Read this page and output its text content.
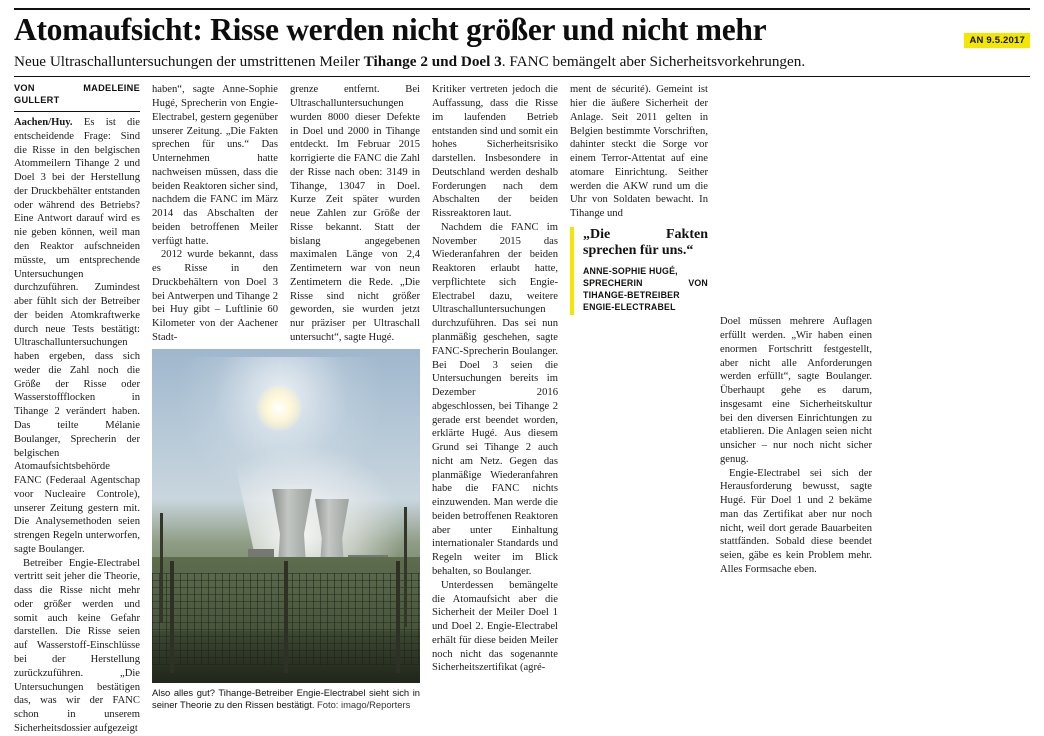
Atomaufsicht: Risse werden nicht größer und nicht mehr
Neue Ultraschalluntersuchungen der umstrittenen Meiler Tihange 2 und Doel 3. FANC bemängelt aber Sicherheitsvorkehrungen.
AN 9.5.2017
VON MADELEINE GULLERT

Aachen/Huy. Es ist die entscheidende Frage: Sind die Risse in den belgischen Atommeilern Tihange 2 und Doel 3 bei der Herstellung der Druckbehälter entstanden oder während des Betriebs? Eine Antwort darauf wird es nie geben können, weil man den Reaktor aufschneiden müsste, um entsprechende Untersuchungen durchzuführen. Zumindest aber fühlt sich der Betreiber der beiden Atomkraftwerke durch neue Tests bestätigt: Ultraschalluntersuchungen haben ergeben, dass sich weder die Zahl noch die Größe der Risse oder Wasserstoffflocken in Tihange 2 verändert haben. Das teilte Mélanie Boulanger, Sprecherin der belgischen Atomaufsichtsbehörde FANC (Federaal Agentschap voor Nucleaire Controle), unserer Zeitung gestern mit. Die Analysemethoden seien strengen Regeln unterworfen, sagte Boulanger.

Betreiber Engie-Electrabel vertritt seit jeher die Theorie, dass die Risse nicht mehr oder größer werden und somit auch keine Gefahr darstellen. Die Risse seien auf Wasserstoff-Einschlüsse bei der Herstellung zurückzuführen. „Die Untersuchungen bestätigen das, was wir der FANC schon in unserem Sicherheitsdossier aufgezeigt

haben“, sagte Anne-Sophie Hugé, Sprecherin von Engie-Electrabel, gestern gegenüber unserer Zeitung. „Die Fakten sprechen für uns.“ Das Unternehmen hatte nachweisen müssen, dass die beiden Reaktoren sicher sind, nachdem die FANC im März 2014 das Abschalten der beiden betroffenen Meiler verfügt hatte.

2012 wurde bekannt, dass es Risse in den Druckbehältern von Doel 3 bei Antwerpen und Tihange 2 bei Huy gibt – Luftlinie 60 Kilometer von der Aachener Stadt-

grenze entfernt. Bei Ultraschalluntersuchungen wurden 8000 dieser Defekte in Doel und 2000 in Tihange entdeckt. Im Februar 2015 korrigierte die FANC die Zahl der Risse nach oben: 3149 in Tihange, 13047 in Doel. Kurze Zeit später wurden neue Zahlen zur Größe der Risse bekannt. Statt der bislang angegebenen maximalen Länge von 2,4 Zentimetern war von neun Zentimetern die Rede. „Die Risse sind nicht größer geworden, sie wurden jetzt nur präziser per Ultraschall untersucht“, sagte Hugé.

Also alles gut? Tihange-Betreiber Engie-Electrabel sieht sich in seiner Theorie zu den Rissen bestätigt. Foto: imago/Reporters

Kritiker vertreten jedoch die Auffassung, dass die Risse im laufenden Betrieb entstanden sind und somit ein hohes Sicherheitsrisiko darstellen. Insbesondere in Deutschland werden deshalb Forderungen nach dem Abschalten der beiden Rissreaktoren laut.

Nachdem die FANC im November 2015 das Wiederanfahren der beiden Reaktoren erlaubt hatte, verpflichtete sich Engie-Electrabel dazu, weitere Ultraschalluntersuchungen durchzuführen. Das sei nun planmäßig geschehen, sagte FANC-Sprecherin Boulanger. Bei Doel 3 seien die Untersuchungen bereits im Dezember 2016 abgeschlossen, bei Tihange 2 gerade erst beendet worden, erklärte Hugé. Aus diesem Grund sei Tihange 2 auch nicht am Netz. Gegen das planmäßige Wiederanfahren habe die FANC nichts einzuwenden. Man werde die beiden betroffenen Reaktoren aber unter Einhaltung internationaler Standards und Regeln weiter im Blick behalten, so Boulanger.

Unterdessen bemängelte die Atomaufsicht aber die Sicherheit der Meiler Doel 1 und Doel 2. Engie-Electrabel erhält für diese beiden Meiler noch nicht das sogenannte Sicherheitszertifikat (agré-

ment de sécurité). Gemeint ist hier die äußere Sicherheit der Anlage. Seit 2011 gelten in Belgien bestimmte Vorschriften, dahinter steckt die Sorge vor einem Terror-Attentat auf eine atomare Einrichtung. Seither werden die AKW rund um die Uhr von Soldaten bewacht. In Tihange und

„Die Fakten sprechen für uns.“
ANNE-SOPHIE HUGÉ,
SPRECHERIN VON TIHANGE-BETREIBER
ENGIE-ELECTRABEL

Doel müssen mehrere Auflagen erfüllt werden. „Wir haben einen enormen Fortschritt festgestellt, aber nicht alle Anforderungen werden erfüllt“, sagte Boulanger. Überhaupt gehe es darum, insgesamt eine Sicherheitskultur bei den diversen Einrichtungen zu etablieren. Die Anlagen seien nicht unsicher – nur noch nicht sicher genug.

Engie-Electrabel sei sich der Herausforderung bewusst, sagte Hugé. Für Doel 1 und 2 bekäme man das Zertifikat aber nur noch nicht, weil dort gerade Bauarbeiten stattfänden. Sobald diese beendet seien, gäbe es kein Problem mehr. Alles Formsache eben.
